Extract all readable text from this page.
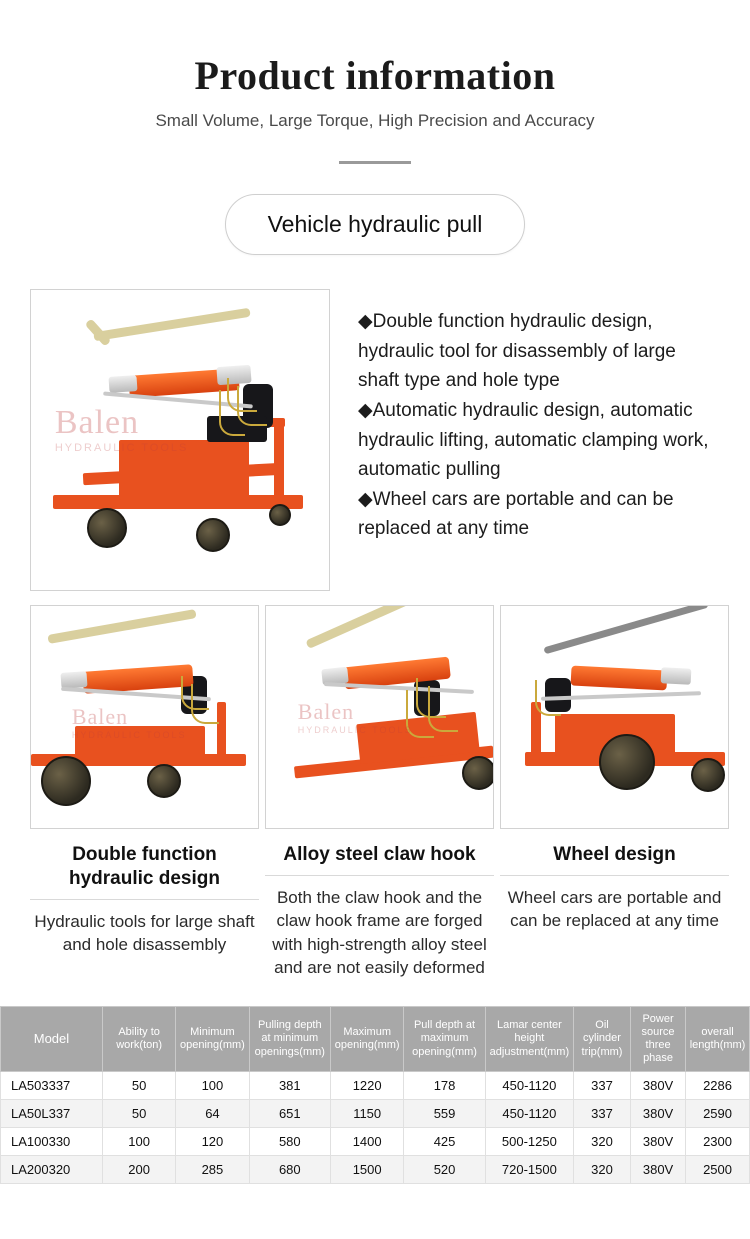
Product information
Small Volume, Large Torque, High Precision and Accuracy
Vehicle hydraulic pull
Balen
HYDRAULIC TOOLS

◆Double function hydraulic design, hydraulic tool for disassembly of large shaft type and hole type

◆Automatic hydraulic design, automatic hydraulic lifting, automatic clamping work, automatic pulling

◆Wheel cars are portable and can be replaced at any time

Balen
HYDRAULIC TOOLS
Double function hydraulic design
Hydraulic tools for large shaft and hole disassembly
Balen
HYDRAULIC TOOLS
Alloy steel claw hook
Both the claw hook and the claw hook frame are forged with high-strength alloy steel and are not easily deformed
Wheel design
Wheel cars are portable and can be replaced at any time
Model	Ability to work(ton)	Minimum opening(mm)	Pulling depth at minimum openings(mm)	Maximum opening(mm)	Pull depth at maximum opening(mm)	Lamar center height adjustment(mm)	Oil cylinder trip(mm)	Power source three phase	overall length(mm)
LA503337	50	100	381	1220	178	450-1120	337	380V	2286
LA50L337	50	64	651	1150	559	450-1120	337	380V	2590
LA100330	100	120	580	1400	425	500-1250	320	380V	2300
LA200320	200	285	680	1500	520	720-1500	320	380V	2500
